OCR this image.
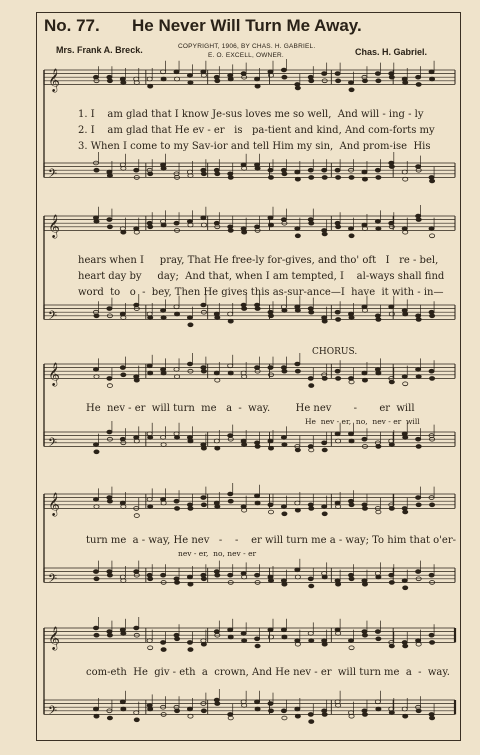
No. 77. He Never Will Turn Me Away.
Mrs. Frank A. Breck.	COPYRIGHT, 1906, BY CHAS. H. GABRIEL.
E. O. EXCELL, OWNER.	Chas. H. Gabriel.
𝄞
𝄢
𝄞
𝄢
𝄞
𝄢
𝄞
𝄢
𝄞
𝄢
1. I    am glad that I know Je-sus loves me so well,  And will - ing - ly
2. I    am glad that He ev - er   is   pa-tient and kind, And com-forts my
3. When I come to my Sav-ior and tell Him my sin,  And prom-ise  His
hears when I     pray, That He free-ly for-gives, and tho' oft   I   re - bel,
heart day by     day;  And that, when I am tempted, I    al-ways shall find
word  to   o  -  bey, Then He gives this as-sur-ance—I  have  it with - in—
CHORUS.
He  nev - er  will turn  me   a  -  way.        He nev       -       er  will
He  nev - er,  no,  nev - er  will
turn me  a - way, He nev   -    -    er will turn me a - way; To him that o'er-
nev - er,  no, nev - er
com-eth  He  giv - eth  a  crown, And He nev - er  will turn me  a  -  way.
